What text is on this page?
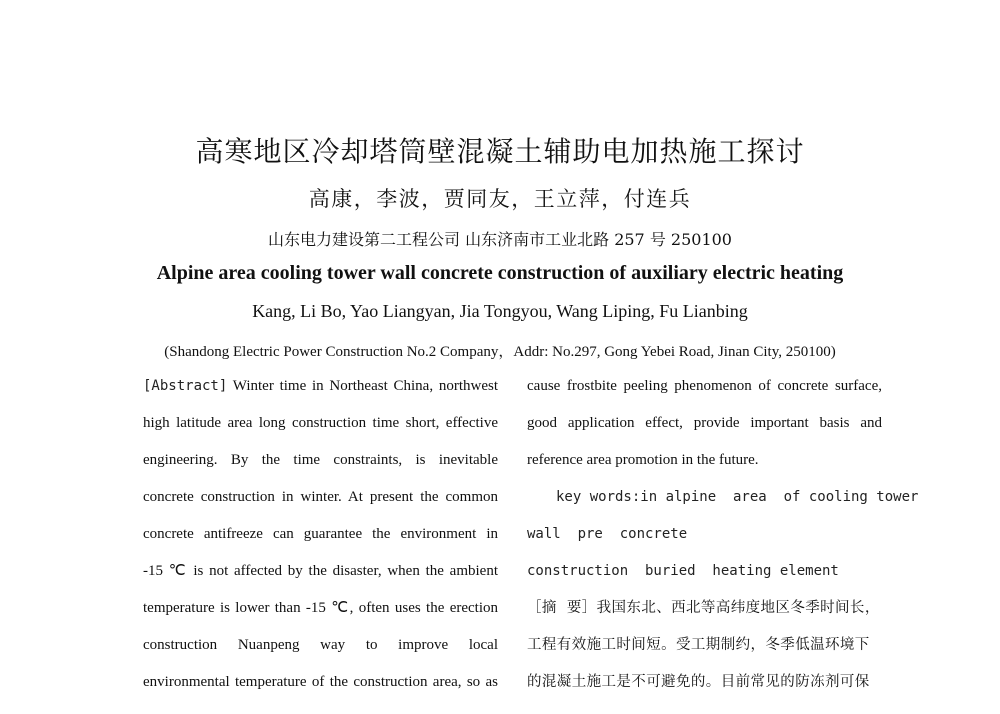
高寒地区冷却塔筒壁混凝土辅助电加热施工探讨
高康，李波，贾同友，王立萍，付连兵
山东电力建设第二工程公司 山东济南市工业北路 257 号 250100
Alpine area cooling tower wall concrete construction of auxiliary electric heating
Kang, Li Bo, Yao Liangyan, Jia Tongyou, Wang Liping, Fu Lianbing
(Shandong Electric Power Construction No.2 Company，Addr: No.297, Gong Yebei Road, Jinan City, 250100)
[Abstract] Winter time in Northeast China, northwest
high latitude area long construction time short, effective
engineering. By the time constraints, is inevitable
concrete construction in winter. At present the common
concrete antifreeze can guarantee the environment in
-15 ℃ is not affected by the disaster, when the ambient
temperature is lower than -15 ℃, often uses the erection
construction Nuanpeng way to improve local
environmental temperature of the construction area, so as
cause frostbite peeling phenomenon of concrete surface,
good application effect, provide important basis and
reference area promotion in the future.
key words:in alpine  area  of cooling tower
wall  pre  concrete
construction  buried  heating element
［摘  要］我国东北、西北等高纬度地区冬季时间长，
工程有效施工时间短。受工期制约，冬季低温环境下
的混凝土施工是不可避免的。目前常见的防冻剂可保
